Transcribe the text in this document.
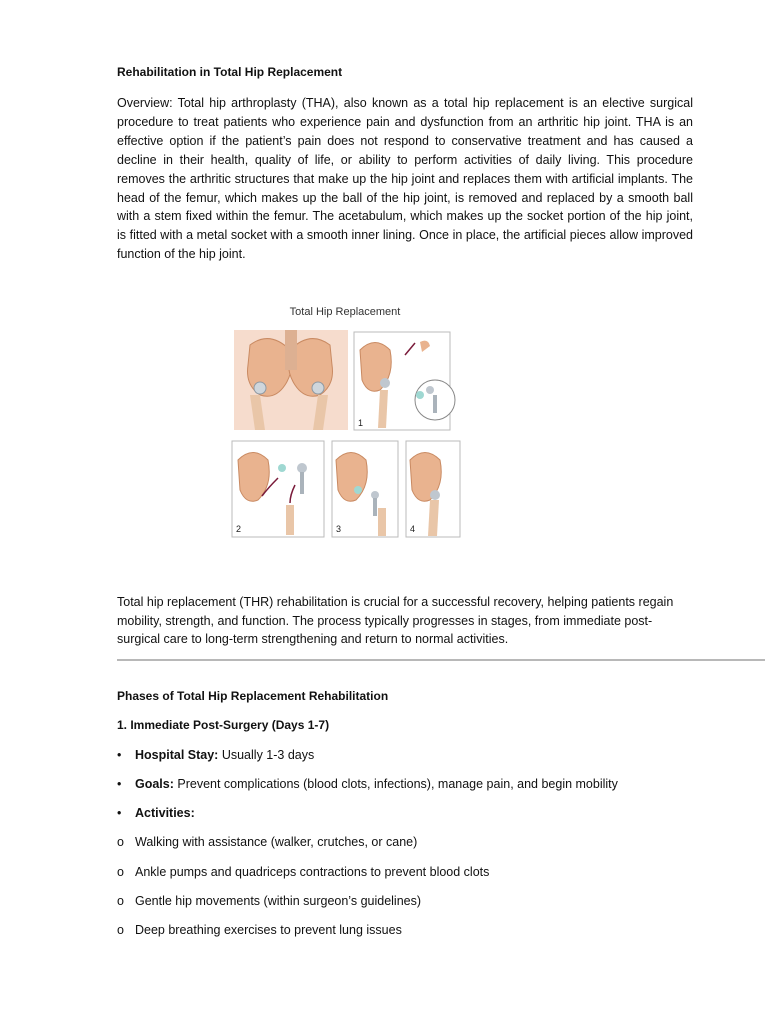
Rehabilitation in Total Hip Replacement

Overview: Total hip arthroplasty (THA), also known as a total hip replacement is an elective surgical procedure to treat patients who experience pain and dysfunction from an arthritic hip joint. THA is an effective option if the patient’s pain does not respond to conservative treatment and has caused a decline in their health, quality of life, or ability to perform activities of daily living. This procedure removes the arthritic structures that make up the hip joint and replaces them with artificial implants. The head of the femur, which makes up the ball of the hip joint, is removed and replaced by a smooth ball with a stem fixed within the femur. The acetabulum, which makes up the socket portion of the hip joint, is fitted with a metal socket with a smooth inner lining. Once in place, the artificial pieces allow improved function of the hip joint.

Total Hip Replacement
1
2	3	4

Total hip replacement (THR) rehabilitation is crucial for a successful recovery, helping patients regain mobility, strength, and function. The process typically progresses in stages, from immediate post-surgical care to long-term strengthening and return to normal activities.

Phases of Total Hip Replacement Rehabilitation
1. Immediate Post-Surgery (Days 1-7)
•	Hospital Stay: Usually 1-3 days
•	Goals: Prevent complications (blood clots, infections), manage pain, and begin mobility
•	Activities:
o Walking with assistance (walker, crutches, or cane)
o Ankle pumps and quadriceps contractions to prevent blood clots
o Gentle hip movements (within surgeon’s guidelines)
o Deep breathing exercises to prevent lung issues
